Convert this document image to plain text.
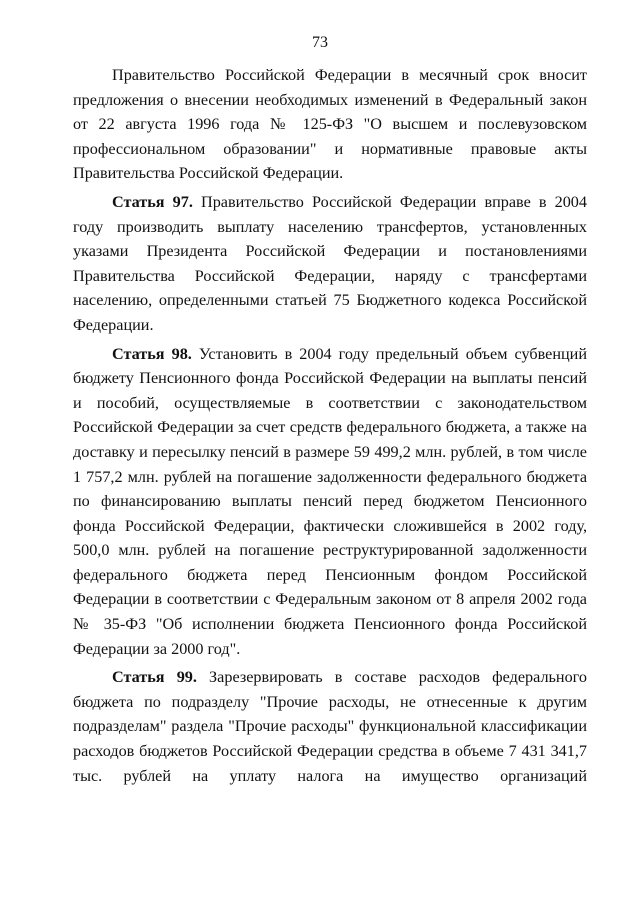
73

Правительство Российской Федерации в месячный срок вносит предложения о внесении необходимых изменений в Федеральный закон от 22 августа 1996 года № 125-ФЗ "О высшем и послевузовском профессиональном образовании" и нормативные правовые акты Правительства Российской Федерации.

Статья 97. Правительство Российской Федерации вправе в 2004 году производить выплату населению трансфертов, установленных указами Президента Российской Федерации и постановлениями Правительства Российской Федерации, наряду с трансфертами населению, определенными статьей 75 Бюджетного кодекса Российской Федерации.

Статья 98. Установить в 2004 году предельный объем субвенций бюджету Пенсионного фонда Российской Федерации на выплаты пенсий и пособий, осуществляемые в соответствии с законодательством Российской Федерации за счет средств федерального бюджета, а также на доставку и пересылку пенсий в размере 59 499,2 млн. рублей, в том числе 1 757,2 млн. рублей на погашение задолженности федерального бюджета по финансированию выплаты пенсий перед бюджетом Пенсионного фонда Российской Федерации, фактически сложившейся в 2002 году, 500,0 млн. рублей на погашение реструктурированной задолженности федерального бюджета перед Пенсионным фондом Российской Федерации в соответствии с Федеральным законом от 8 апреля 2002 года № 35-ФЗ "Об исполнении бюджета Пенсионного фонда Российской Федерации за 2000 год".

Статья 99. Зарезервировать в составе расходов федерального бюджета по подразделу "Прочие расходы, не отнесенные к другим подразделам" раздела "Прочие расходы" функциональной классификации расходов бюджетов Российской Федерации средства в объеме 7 431 341,7 тыс. рублей на уплату налога на имущество организаций
